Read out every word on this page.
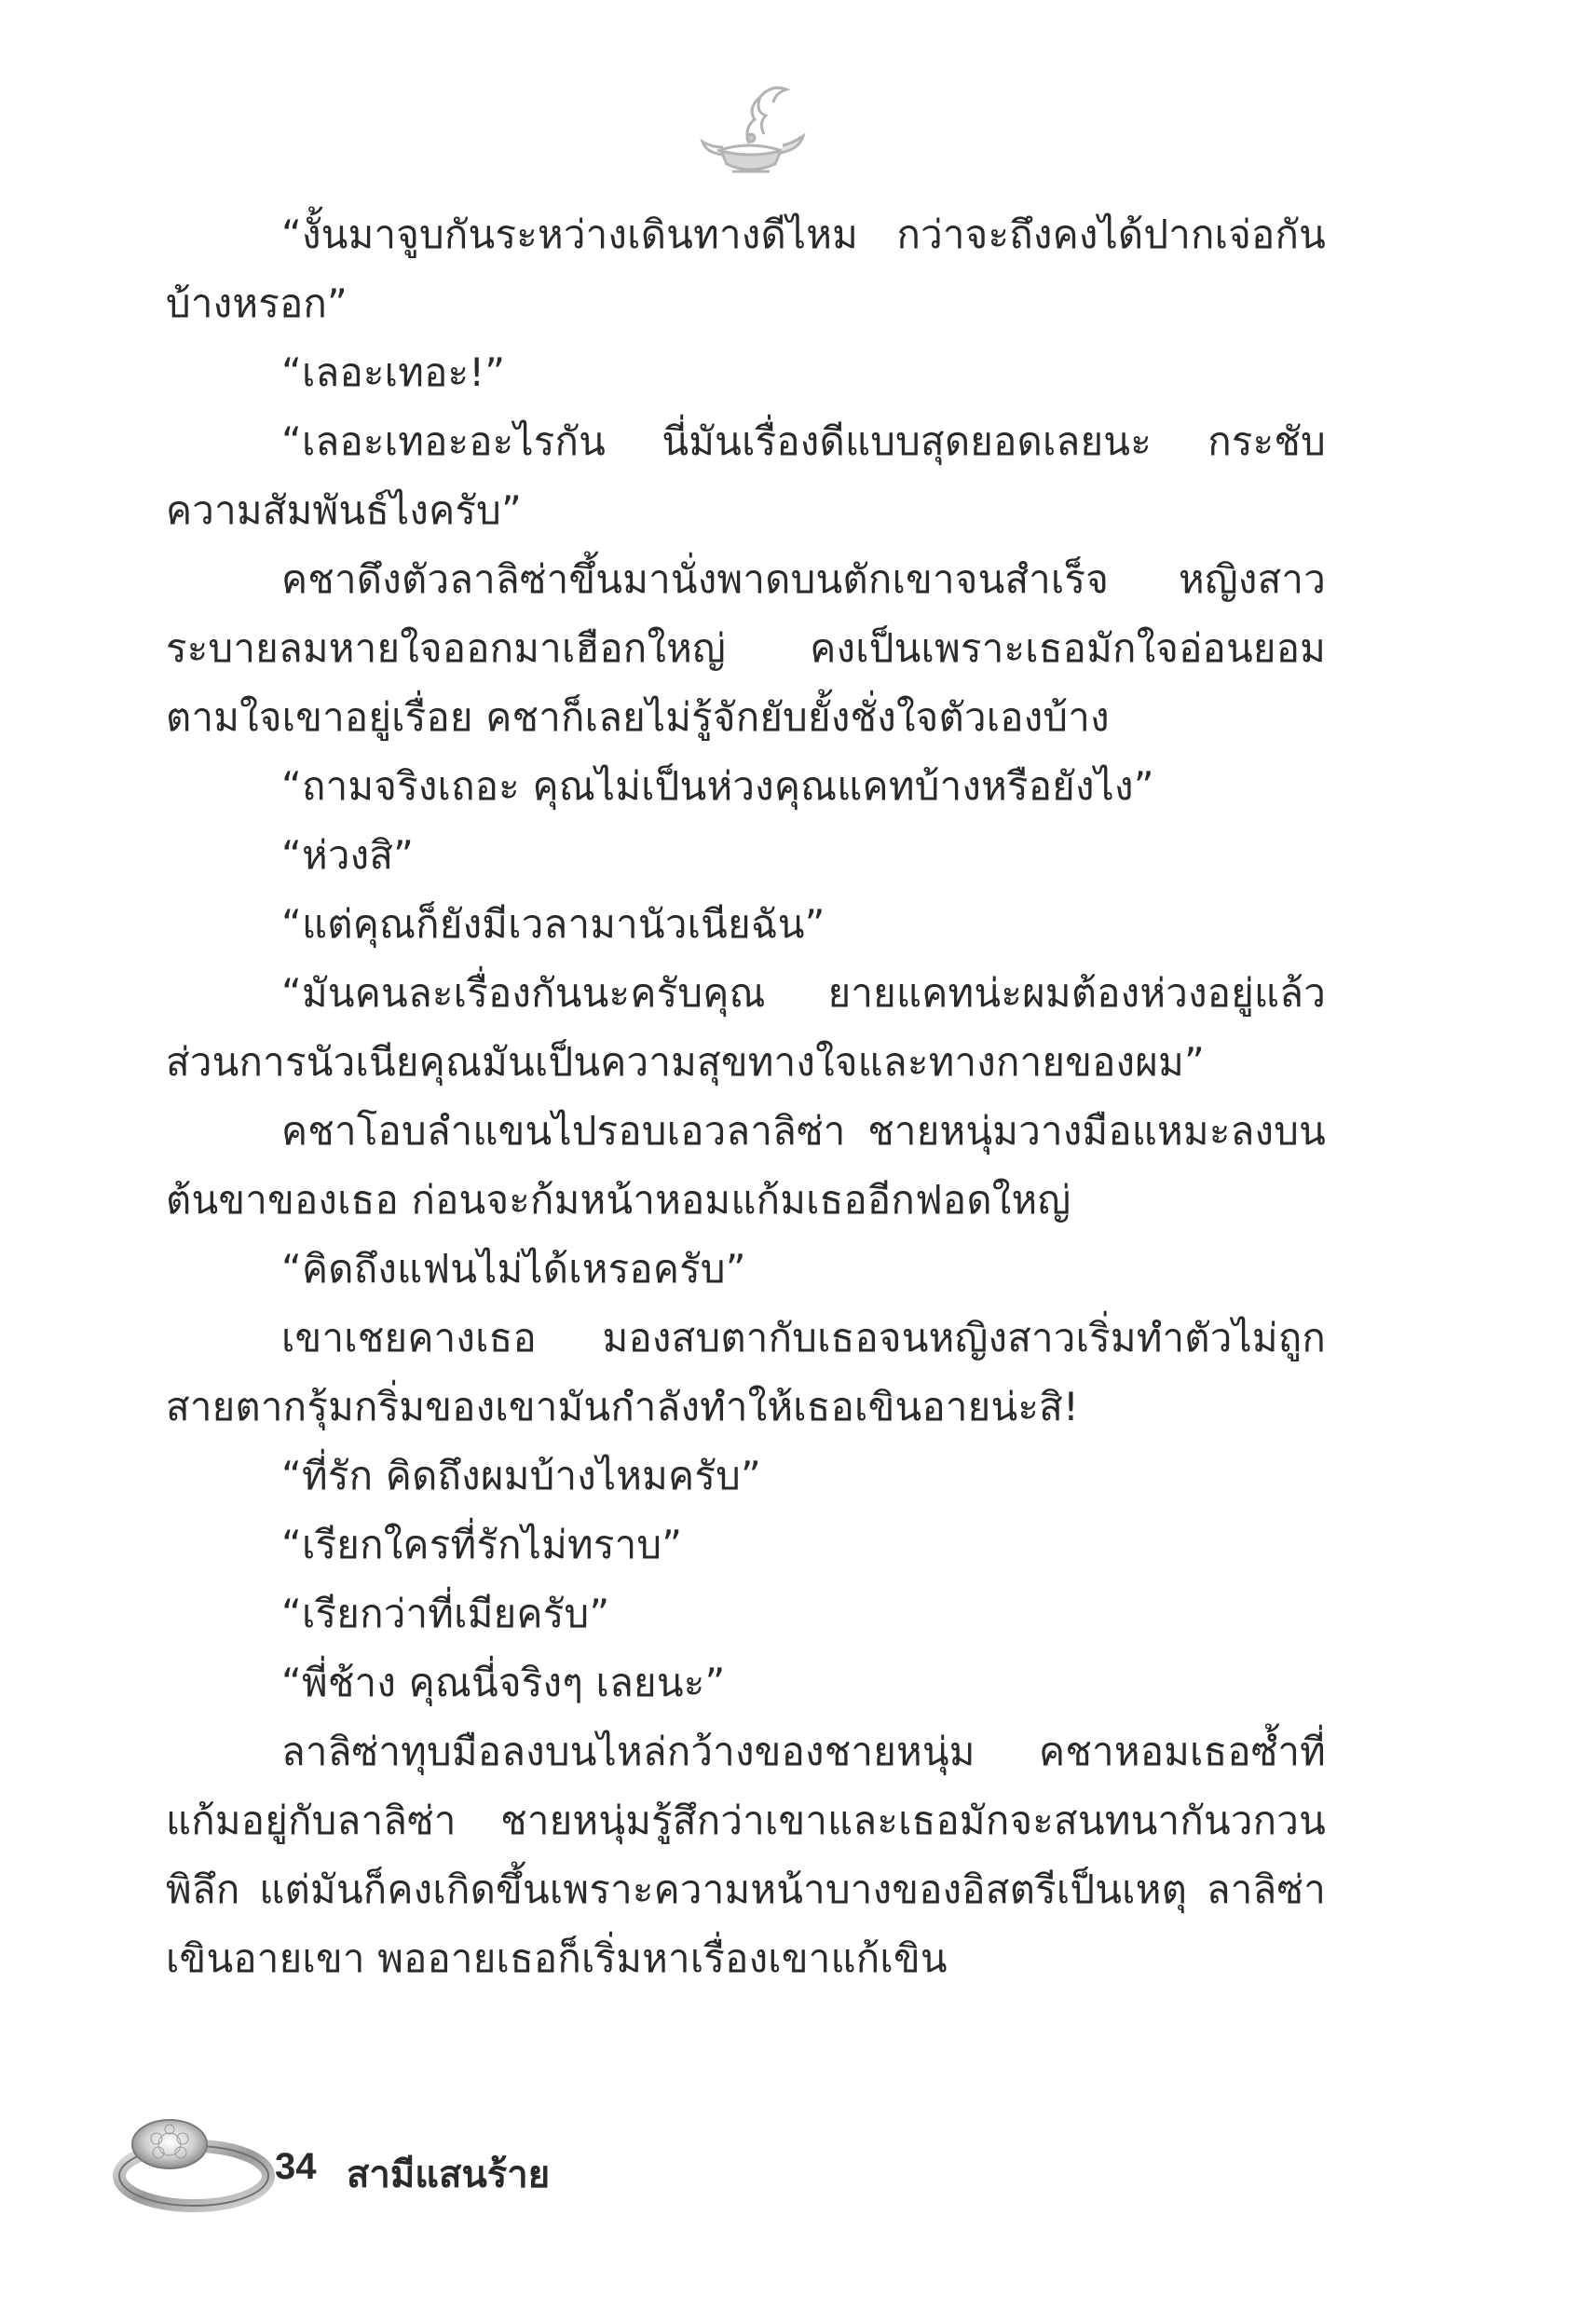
“งั้นมาจูบกันระหว่างเดินทางดีไหม กว่าจะถึงคงได้ปากเจ่อกันบ้างหรอก”

“เลอะเทอะ!”

“เลอะเทอะอะไรกัน นี่มันเรื่องดีแบบสุดยอดเลยนะ กระชับความสัมพันธ์ไงครับ”

คชาดึงตัวลาลิซ่าขึ้นมานั่งพาดบนตักเขาจนสำเร็จ หญิงสาวระบายลมหายใจออกมาเฮือกใหญ่ คงเป็นเพราะเธอมักใจอ่อนยอมตามใจเขาอยู่เรื่อย คชาก็เลยไม่รู้จักยับยั้งชั่งใจตัวเองบ้าง

“ถามจริงเถอะ คุณไม่เป็นห่วงคุณแคทบ้างหรือยังไง”

“ห่วงสิ”

“แต่คุณก็ยังมีเวลามานัวเนียฉัน”

“มันคนละเรื่องกันนะครับคุณ ยายแคทน่ะผมต้องห่วงอยู่แล้ว ส่วนการนัวเนียคุณมันเป็นความสุขทางใจและทางกายของผม”

คชาโอบลำแขนไปรอบเอวลาลิซ่า ชายหนุ่มวางมือแหมะลงบนต้นขาของเธอ ก่อนจะก้มหน้าหอมแก้มเธออีกฟอดใหญ่

“คิดถึงแฟนไม่ได้เหรอครับ”

เขาเชยคางเธอ มองสบตากับเธอจนหญิงสาวเริ่มทำตัวไม่ถูก สายตากรุ้มกริ่มของเขามันกำลังทำให้เธอเขินอายน่ะสิ!

“ที่รัก คิดถึงผมบ้างไหมครับ”

“เรียกใครที่รักไม่ทราบ”

“เรียกว่าที่เมียครับ”

“พี่ช้าง คุณนี่จริงๆ เลยนะ”

ลาลิซ่าทุบมือลงบนไหล่กว้างของชายหนุ่ม คชาหอมเธอซ้ำที่แก้มอยู่กับลาลิซ่า ชายหนุ่มรู้สึกว่าเขาและเธอมักจะสนทนากันวกวนพิลึก แต่มันก็คงเกิดขึ้นเพราะความหน้าบางของอิสตรีเป็นเหตุ ลาลิซ่าเขินอายเขา พออายเธอก็เริ่มหาเรื่องเขาแก้เขิน

34 สามีแสนร้าย
